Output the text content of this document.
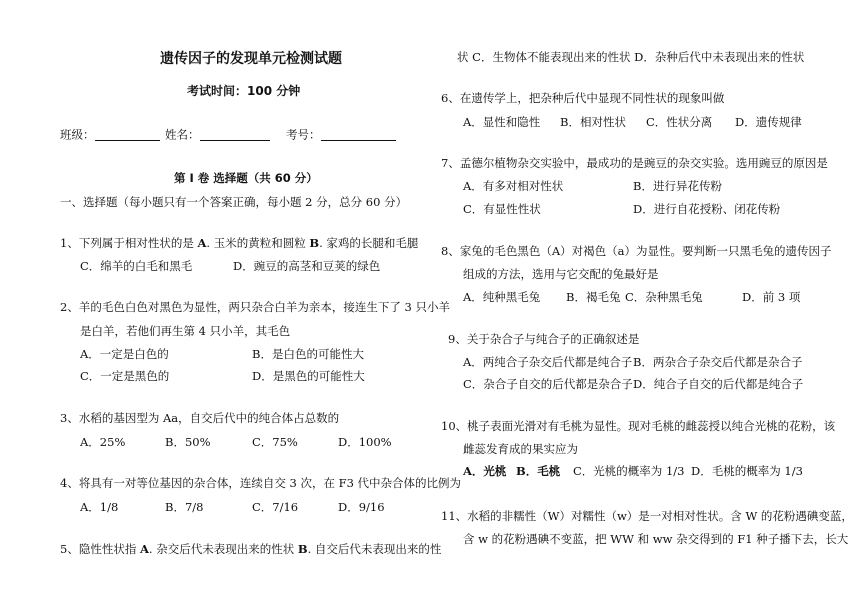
遗传因子的发现单元检测试题
考试时间：100 分钟
班级：	姓名：	考号：
第 I 卷 选择题（共 60 分）
一、选择题（每小题只有一个答案正确，每小题 2 分，总分 60 分）
1、下列属于相对性状的是 A. 玉米的黄粒和圆粒 B. 家鸡的长腿和毛腿
C．绵羊的白毛和黑毛	D．豌豆的高茎和豆荚的绿色
2、羊的毛色白色对黑色为显性，两只杂合白羊为亲本，接连生下了 3 只小羊
是白羊，若他们再生第 4 只小羊，其毛色
A．一定是白色的	B．是白色的可能性大
C．一定是黑色的	D．是黑色的可能性大
3、水稻的基因型为 Aa，自交后代中的纯合体占总数的
A．25%	B．50%	C．75%	D．100%
4、将具有一对等位基因的杂合体，连续自交 3 次，在 F3 代中杂合体的比例为
A．1/8	B．7/8	C．7/16	D．9/16
5、隐性性状指 A. 杂交后代未表现出来的性状 B. 自交后代未表现出来的性
状 C．生物体不能表现出来的性状 D．杂种后代中未表现出来的性状
6、在遗传学上，把杂种后代中显现不同性状的现象叫做
A．显性和隐性 B．相对性状 C．性状分离 D．遗传规律
7、孟德尔植物杂交实验中，最成功的是豌豆的杂交实验。选用豌豆的原因是
A．有多对相对性状	B．进行异花传粉
C．有显性性状	D．进行自花授粉、闭花传粉
8、家兔的毛色黑色（A）对褐色（a）为显性。要判断一只黑毛兔的遗传因子
组成的方法，选用与它交配的兔最好是
A．纯种黑毛兔 B．褐毛兔 C．杂种黑毛兔	D．前 3 项
9、关于杂合子与纯合子的正确叙述是
A．两纯合子杂交后代都是纯合子 B．两杂合子杂交后代都是杂合子
C．杂合子自交的后代都是杂合子 D．纯合子自交的后代都是纯合子
10、桃子表面光滑对有毛桃为显性。现对毛桃的雌蕊授以纯合光桃的花粉，该
雌蕊发育成的果实应为
A．光桃 B．毛桃 C．光桃的概率为 1/3 D．毛桃的概率为 1/3
11、水稻的非糯性（W）对糯性（w）是一对相对性状。含 W 的花粉遇碘变蓝，
含 w 的花粉遇碘不变蓝，把 WW 和 ww 杂交得到的 F1 种子播下去，长大
